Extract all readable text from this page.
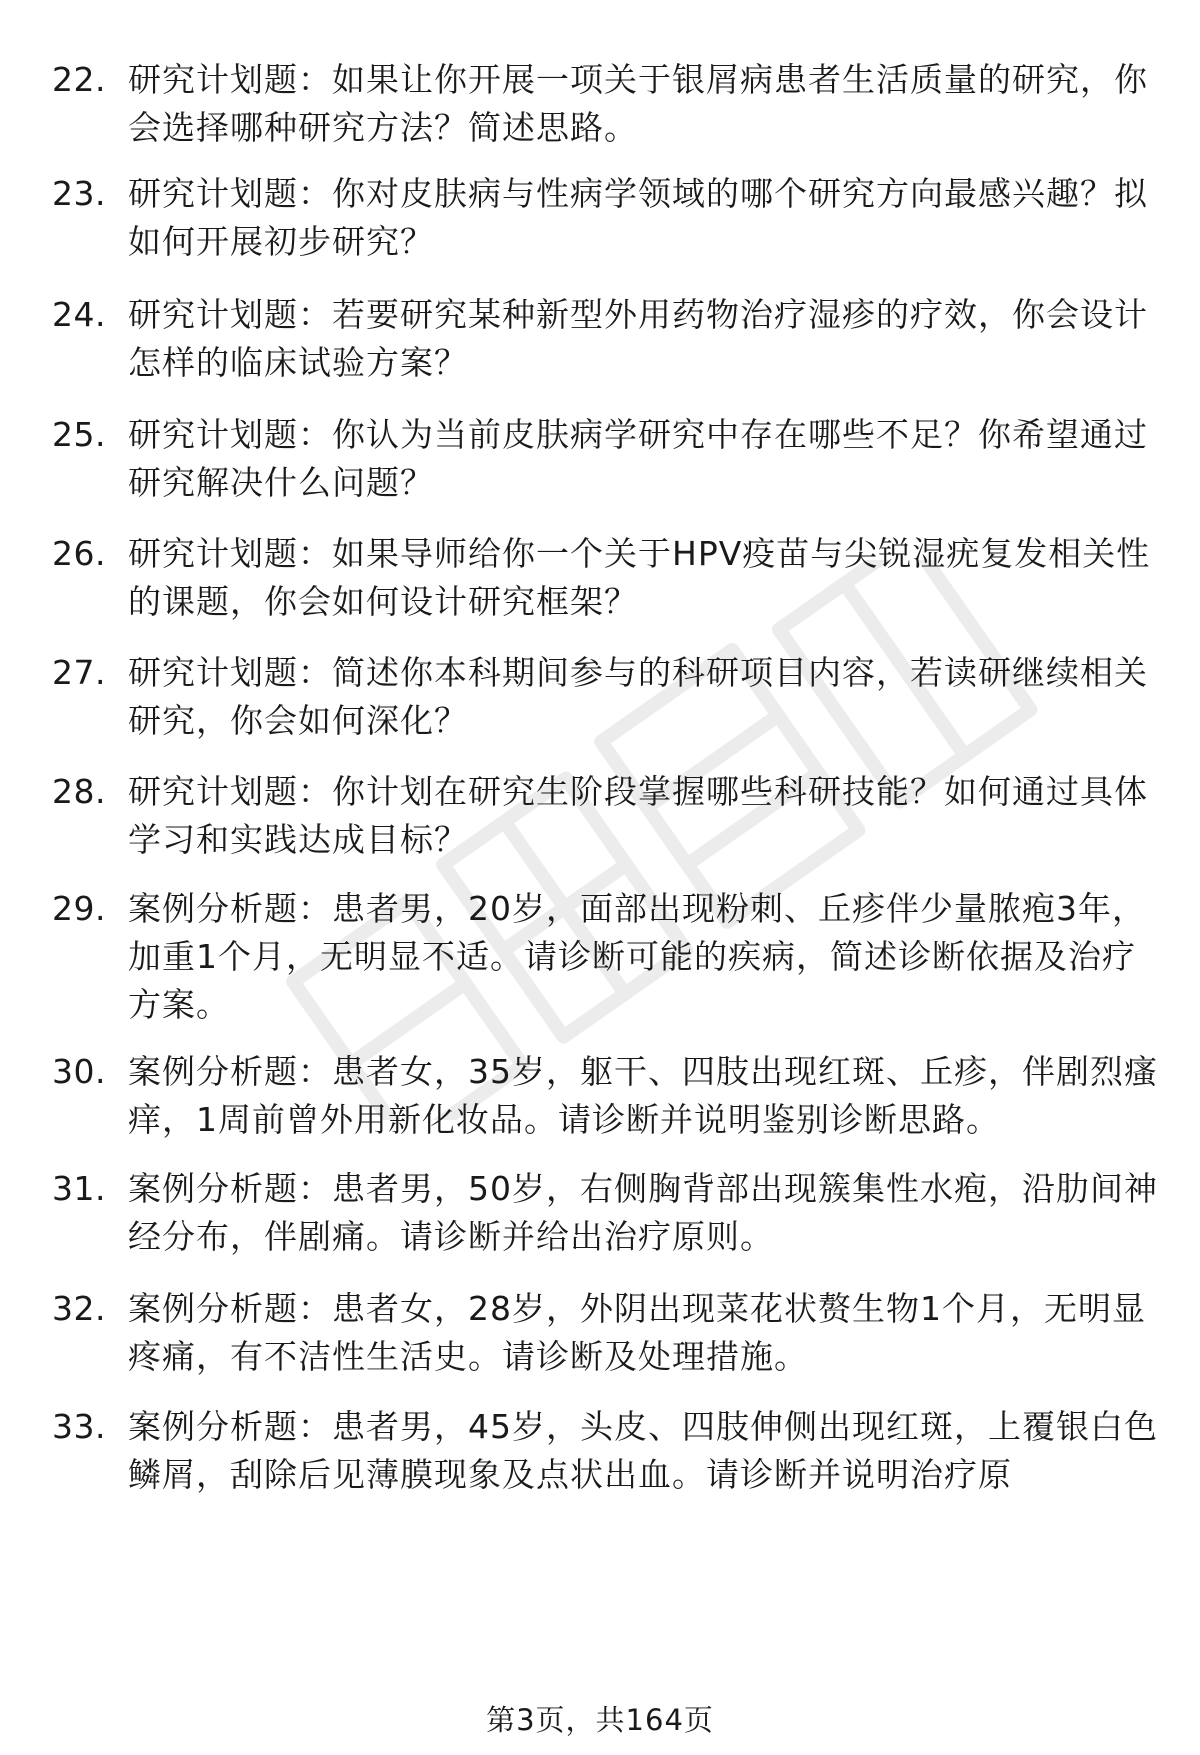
22. 研究计划题：如果让你开展一项关于银屑病患者生活质量的研究，你会选择哪种研究方法？简述思路。
23. 研究计划题：你对皮肤病与性病学领域的哪个研究方向最感兴趣？拟如何开展初步研究？
24. 研究计划题：若要研究某种新型外用药物治疗湿疹的疗效，你会设计怎样的临床试验方案？
25. 研究计划题：你认为当前皮肤病学研究中存在哪些不足？你希望通过研究解决什么问题？
26. 研究计划题：如果导师给你一个关于HPV疫苗与尖锐湿疣复发相关性的课题，你会如何设计研究框架？
27. 研究计划题：简述你本科期间参与的科研项目内容，若读研继续相关研究，你会如何深化？
28. 研究计划题：你计划在研究生阶段掌握哪些科研技能？如何通过具体学习和实践达成目标？
29. 案例分析题：患者男，20岁，面部出现粉刺、丘疹伴少量脓疱3年，加重1个月，无明显不适。请诊断可能的疾病，简述诊断依据及治疗方案。
30. 案例分析题：患者女，35岁，躯干、四肢出现红斑、丘疹，伴剧烈瘙痒，1周前曾外用新化妆品。请诊断并说明鉴别诊断思路。
31. 案例分析题：患者男，50岁，右侧胸背部出现簇集性水疱，沿肋间神经分布，伴剧痛。请诊断并给出治疗原则。
32. 案例分析题：患者女，28岁，外阴出现菜花状赘生物1个月，无明显疼痛，有不洁性生活史。请诊断及处理措施。
33. 案例分析题：患者男，45岁，头皮、四肢伸侧出现红斑，上覆银白色鳞屑，刮除后见薄膜现象及点状出血。请诊断并说明治疗原
第3页，共164页
